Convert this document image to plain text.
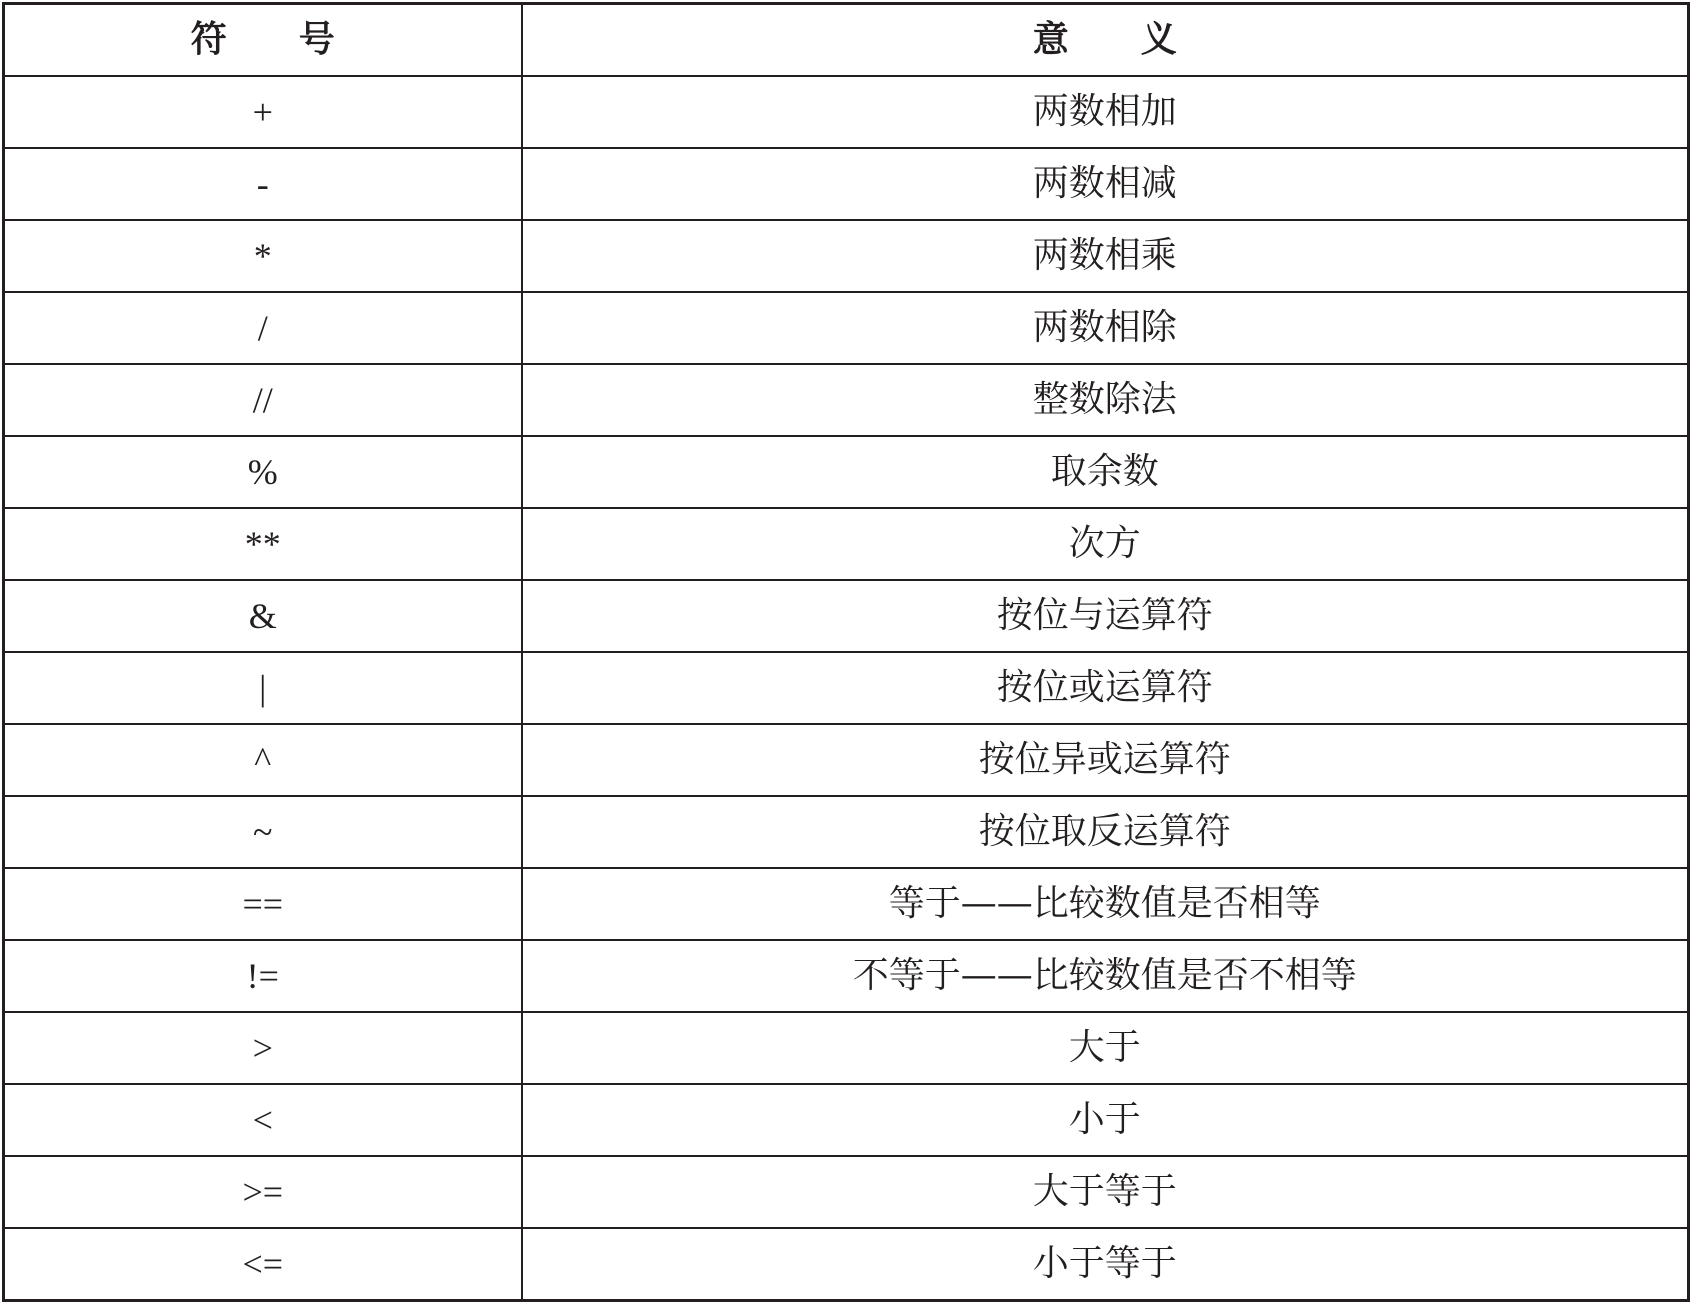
符　　号	意　　义
+	两数相加
-	两数相减
*	两数相乘
/	两数相除
//	整数除法
%	取余数
**	次方
&	按位与运算符
|	按位或运算符
^	按位异或运算符
~	按位取反运算符
==	等于——比较数值是否相等
!=	不等于——比较数值是否不相等
>	大于
<	小于
>=	大于等于
<=	小于等于
